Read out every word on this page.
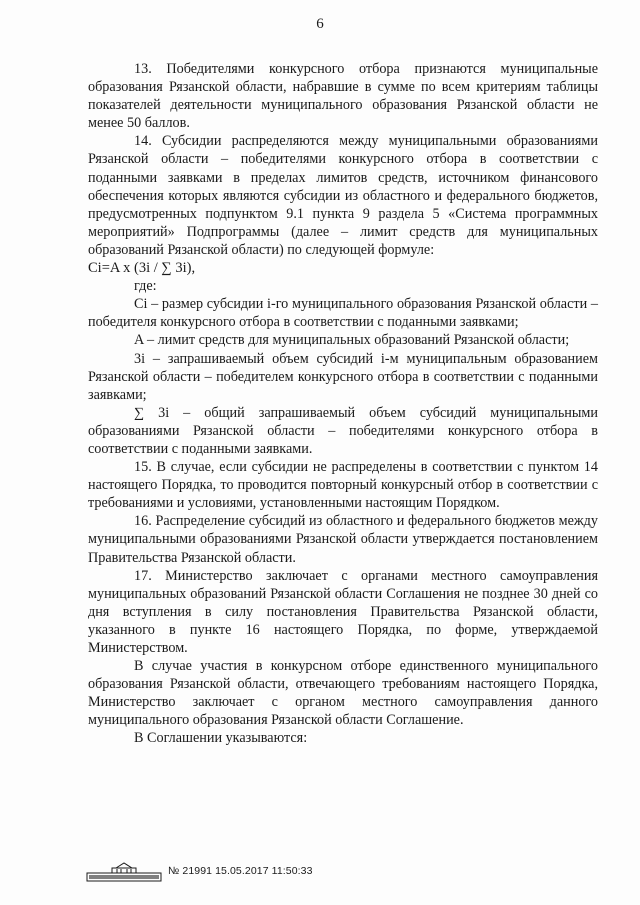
6

13. Победителями конкурсного отбора признаются муниципальные образования Рязанской области, набравшие в сумме по всем критериям таблицы показателей деятельности муниципального образования Рязанской области не менее 50 баллов.

14. Субсидии распределяются между муниципальными образованиями Рязанской области – победителями конкурсного отбора в соответствии с поданными заявками в пределах лимитов средств, источником финансового обеспечения которых являются субсидии из областного и федерального бюджетов, предусмотренных подпунктом 9.1 пункта 9 раздела 5 «Система программных мероприятий» Подпрограммы (далее – лимит средств для муниципальных образований Рязанской области) по следующей формуле:

Ci=A x (3i / ∑ 3i),

где:

Ci – размер субсидии i-го муниципального образования Рязанской области – победителя конкурсного отбора в соответствии с поданными заявками;

A – лимит средств для муниципальных образований Рязанской области;

3i – запрашиваемый объем субсидий i-м муниципальным образованием Рязанской области – победителем конкурсного отбора в соответствии с поданными заявками;

∑ 3i – общий запрашиваемый объем субсидий муниципальными образованиями Рязанской области – победителями конкурсного отбора в соответствии с поданными заявками.

15. В случае, если субсидии не распределены в соответствии с пунктом 14 настоящего Порядка, то проводится повторный конкурсный отбор в соответствии с требованиями и условиями, установленными настоящим Порядком.

16. Распределение субсидий из областного и федерального бюджетов между муниципальными образованиями Рязанской области утверждается постановлением Правительства Рязанской области.

17. Министерство заключает с органами местного самоуправления муниципальных образований Рязанской области Соглашения не позднее 30 дней со дня вступления в силу постановления Правительства Рязанской области, указанного в пункте 16 настоящего Порядка, по форме, утверждаемой Министерством.

В случае участия в конкурсном отборе единственного муниципального образования Рязанской области, отвечающего требованиям настоящего Порядка, Министерство заключает с органом местного самоуправления данного муниципального образования Рязанской области Соглашение.

В Соглашении указываются:

№ 21991 15.05.2017 11:50:33
